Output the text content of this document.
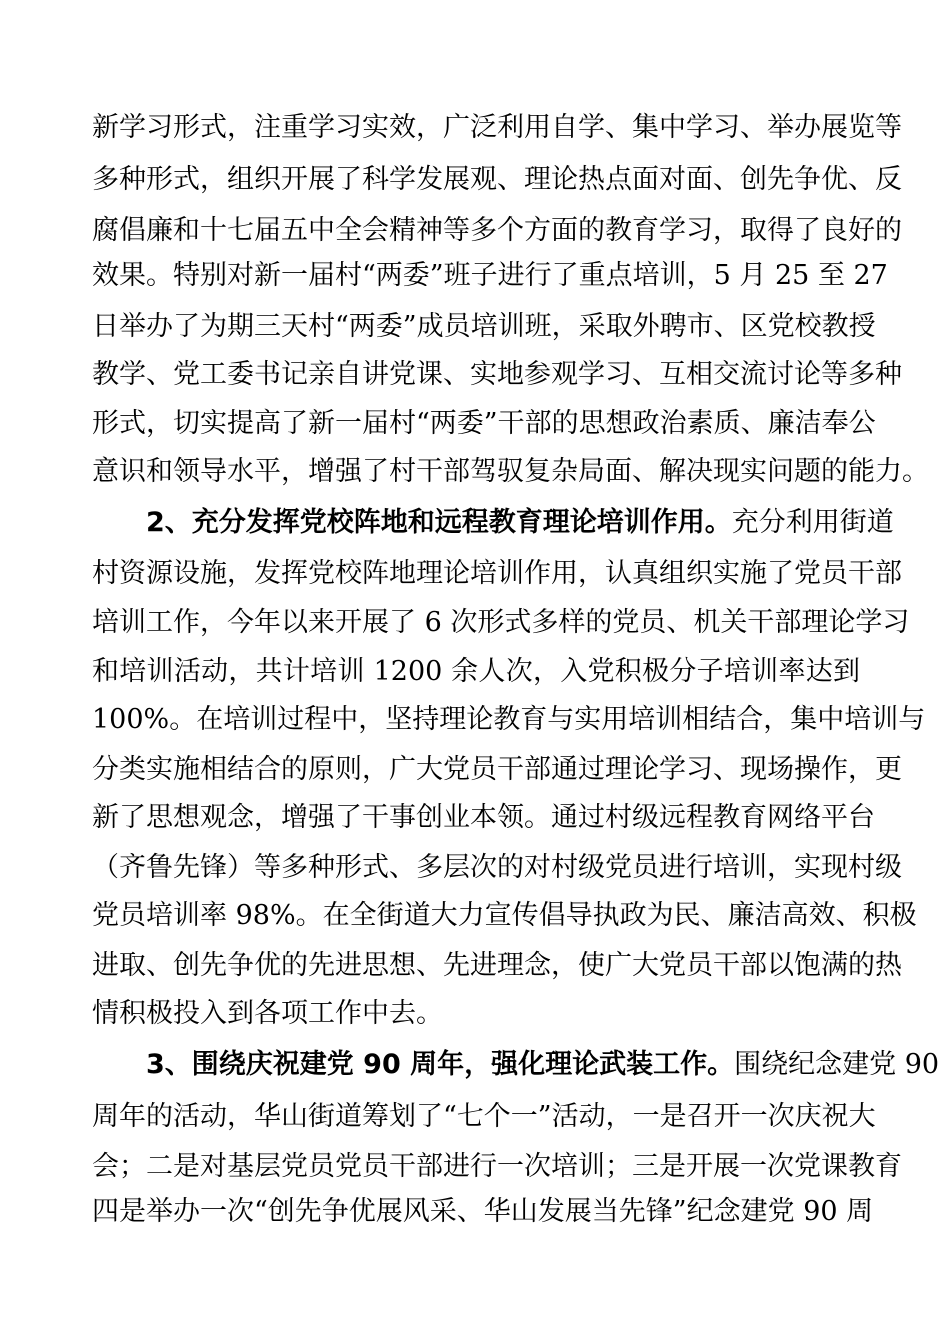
新学习形式，注重学习实效，广泛利用自学、集中学习、举办展览等
多种形式，组织开展了科学发展观、理论热点面对面、创先争优、反
腐倡廉和十七届五中全会精神等多个方面的教育学习，取得了良好的
效果。特别对新一届村“两委”班子进行了重点培训，5 月 25 至 27
日举办了为期三天村“两委”成员培训班，采取外聘市、区党校教授
教学、党工委书记亲自讲党课、实地参观学习、互相交流讨论等多种
形式，切实提高了新一届村“两委”干部的思想政治素质、廉洁奉公
意识和领导水平，增强了村干部驾驭复杂局面、解决现实问题的能力。
2、充分发挥党校阵地和远程教育理论培训作用。充分利用街道
村资源设施，发挥党校阵地理论培训作用，认真组织实施了党员干部
培训工作，今年以来开展了 6 次形式多样的党员、机关干部理论学习
和培训活动，共计培训 1200 余人次，入党积极分子培训率达到
100%。在培训过程中，坚持理论教育与实用培训相结合，集中培训与
分类实施相结合的原则，广大党员干部通过理论学习、现场操作，更
新了思想观念，增强了干事创业本领。通过村级远程教育网络平台
（齐鲁先锋）等多种形式、多层次的对村级党员进行培训，实现村级
党员培训率 98%。在全街道大力宣传倡导执政为民、廉洁高效、积极
进取、创先争优的先进思想、先进理念，使广大党员干部以饱满的热
情积极投入到各项工作中去。
3、围绕庆祝建党 90 周年，强化理论武装工作。围绕纪念建党 90
周年的活动，华山街道筹划了“七个一”活动，一是召开一次庆祝大
会；二是对基层党员党员干部进行一次培训；三是开展一次党课教育
四是举办一次“创先争优展风采、华山发展当先锋”纪念建党 90 周
